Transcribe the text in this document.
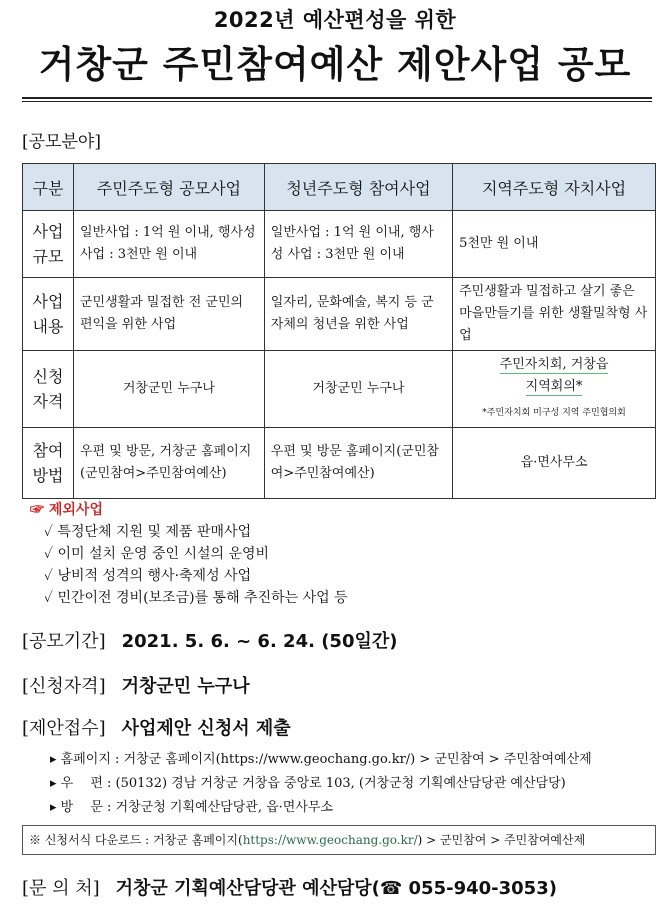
2022년 예산편성을 위한
거창군 주민참여예산 제안사업 공모
[공모분야]
구분	주민주도형 공모사업	청년주도형 참여사업	지역주도형 자치사업
사업 규모	일반사업 : 1억 원 이내, 행사성 사업 : 3천만 원 이내	일반사업 : 1억 원 이내, 행사성 사업 : 3천만 원 이내	5천만 원 이내
사업 내용	군민생활과 밀접한 전 군민의 편익을 위한 사업	일자리, 문화예술, 복지 등 군 자체의 청년을 위한 사업	주민생활과 밀접하고 살기 좋은 마을만들기를 위한 생활밀착형 사업
신청 자격	거창군민 누구나	거창군민 누구나	주민자치회, 거창읍
지역회의*
*주민자치회 미구성 지역 주민협의회

참여 방법	우편 및 방문, 거창군 홈페이지(군민참여>주민참여예산)	우편 및 방문 홈페이지(군민참여>주민참여예산)	읍·면사무소
☞ 제외사업
✓ 특정단체 지원 및 제품 판매사업
✓ 이미 설치 운영 중인 시설의 운영비
✓ 낭비적 성격의 행사·축제성 사업
✓ 민간이전 경비(보조금)를 통해 추진하는 사업 등
[공모기간] 2021. 5. 6. ~ 6. 24. (50일간)
[신청자격] 거창군민 누구나
[제안접수] 사업제안 신청서 제출
▸ 홈페이지 : 거창군 홈페이지(https://www.geochang.go.kr/) > 군민참여 > 주민참여예산제
▸ 우　 편 : (50132) 경남 거창군 거창읍 중앙로 103, (거창군청 기획예산담당관 예산담당)
▸ 방　 문 : 거창군청 기획예산담당관, 읍·면사무소
※ 신청서식 다운로드 : 거창군 홈페이지(https://www.geochang.go.kr/) > 군민참여 > 주민참여예산제
[문 의 처] 거창군 기획예산담당관 예산담당(☎ 055-940-3053)
